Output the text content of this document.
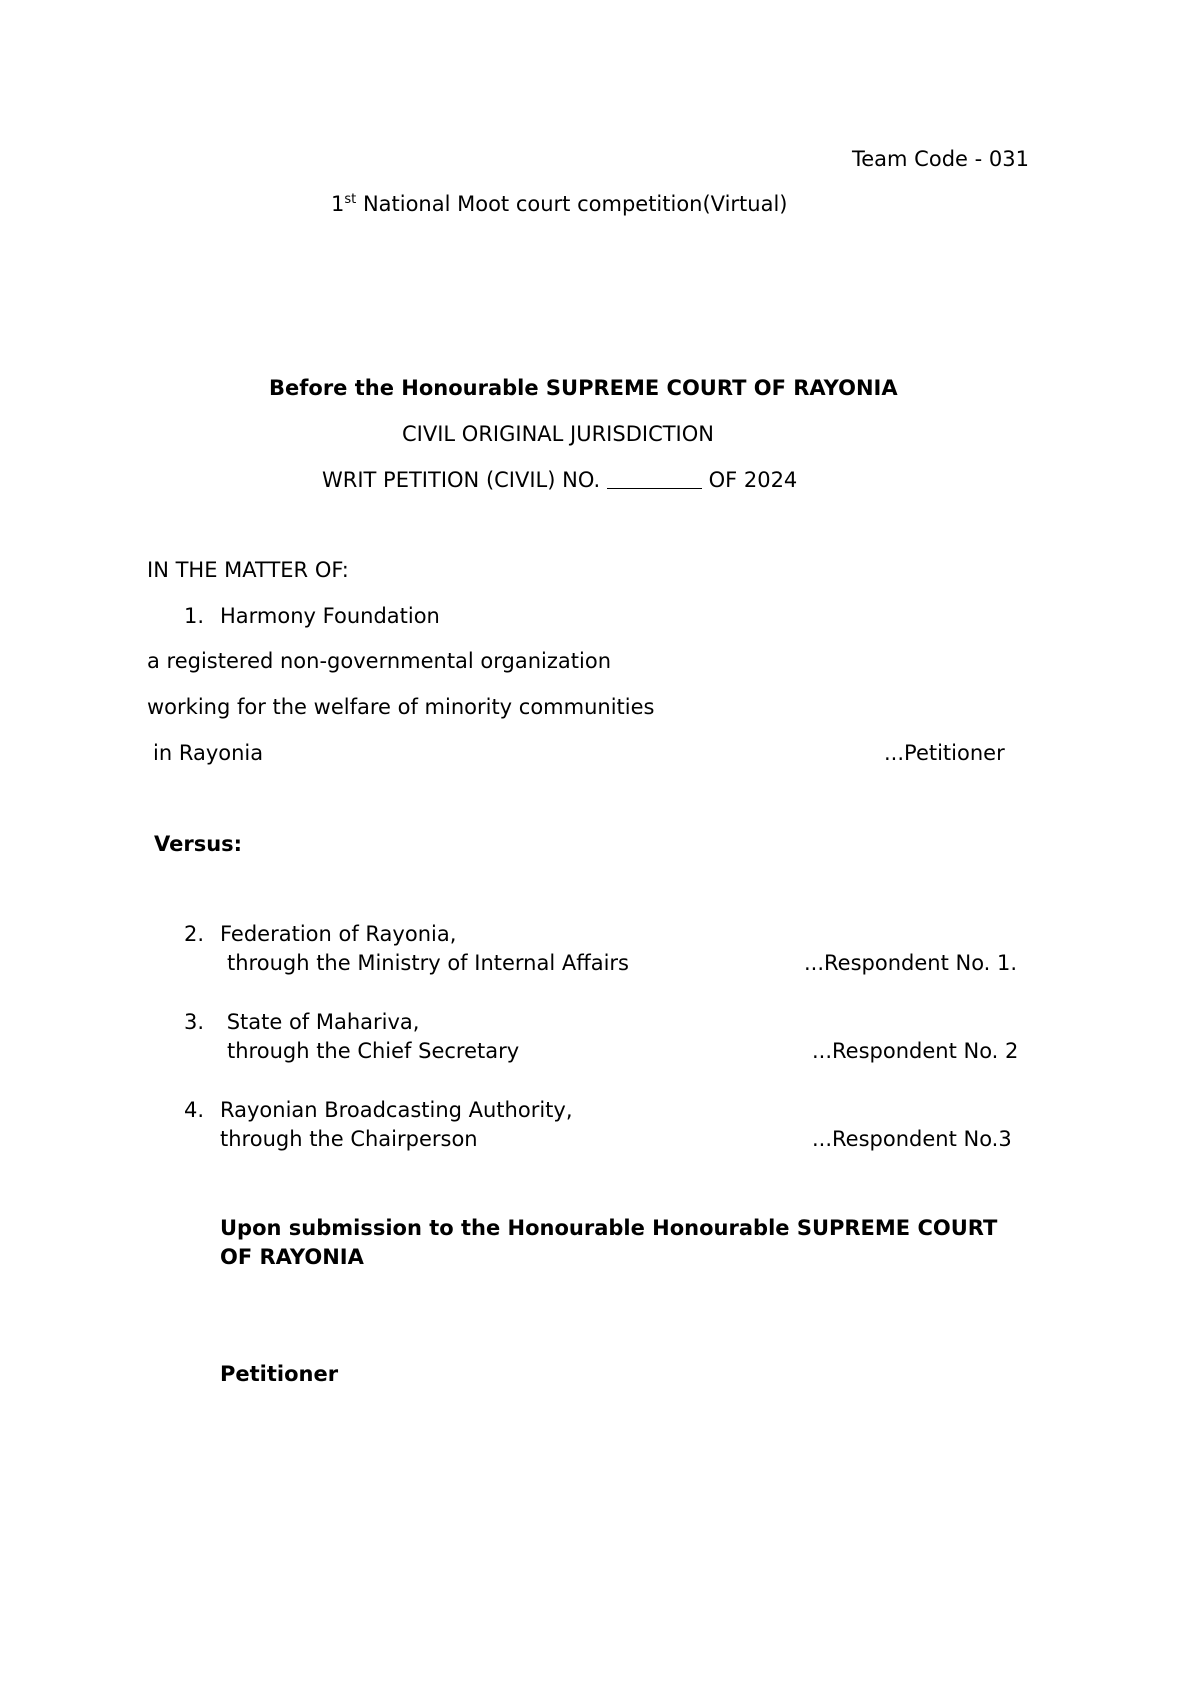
Team Code - 031
1st National Moot court competition(Virtual)
Before the Honourable SUPREME COURT OF RAYONIA
CIVIL ORIGINAL JURISDICTION
WRIT PETITION (CIVIL) NO.	OF 2024
IN THE MATTER OF:
1. Harmony Foundation
a registered non-governmental organization
working for the welfare of minority communities
in Rayonia	...Petitioner
Versus:
2. Federation of Rayonia,
through the Ministry of Internal Affairs	...Respondent No. 1.
3. State of Mahariva,
through the Chief Secretary	...Respondent No. 2
4. Rayonian Broadcasting Authority,
through the Chairperson	...Respondent No.3
Upon submission to the Honourable Honourable SUPREME COURT
OF RAYONIA
Petitioner
